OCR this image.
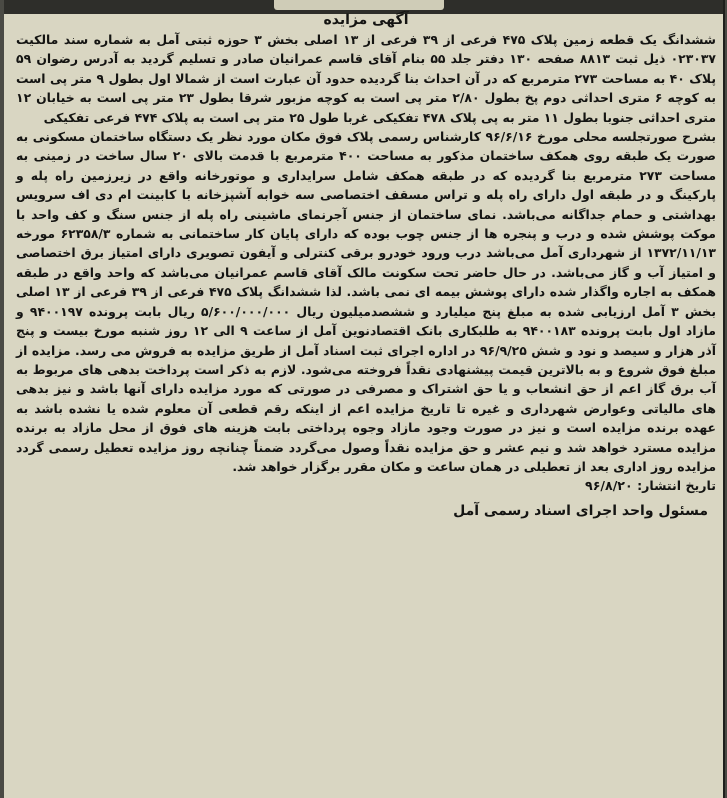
آگهی مزایده

ششدانگ یک قطعه زمین پلاک ۴۷۵ فرعی از ۳۹ فرعی از ۱۳ اصلی بخش ۳ حوزه ثبتی آمل به شماره سند مالکیت ۰۲۳۰۳۷ ذیل ثبت ۸۸۱۳ صفحه ۱۳۰ دفتر جلد ۵۵ بنام آقای قاسم عمرانیان صادر و تسلیم گردید به آدرس رضوان ۵۹ پلاک ۴۰ به مساحت ۲۷۳ مترمربع که در آن احداث بنا گردیده حدود آن عبارت است از شمالا اول بطول ۹ متر پی است به کوچه ۶ متری احداثی دوم پخ بطول ۲/۸۰ متر پی است به کوچه مزبور شرقا بطول ۲۳ متر پی است به خیابان ۱۲ متری احداثی جنوبا بطول ۱۱ متر به پی پلاک ۴۷۸ تفکیکی غربا طول ۲۵ متر پی است به پلاک ۴۷۴ فرعی تفکیکی

بشرح صورتجلسه محلی مورخ ۹۶/۶/۱۶ کارشناس رسمی پلاک فوق مکان مورد نظر یک دستگاه ساختمان مسکونی به صورت یک طبقه روی همکف ساختمان مذکور به مساحت ۴۰۰ مترمربع با قدمت بالای ۲۰ سال ساخت در زمینی به مساحت ۲۷۳ مترمربع بنا گردیده که در طبقه همکف شامل سرایداری و موتورخانه واقع در زیرزمین راه پله و پارکینگ و در طبقه اول دارای راه پله و تراس مسقف اختصاصی سه خوابه آشپزخانه با کابینت ام دی اف سرویس بهداشتی و حمام جداگانه می‌باشد. نمای ساختمان از جنس آجرنمای ماشینی راه پله از جنس سنگ و کف واحد با موکت پوشش شده و درب و پنجره ها از جنس چوب بوده که دارای پایان کار ساختمانی به شماره ۶۲۳۵۸/۳ مورخه ۱۳۷۲/۱۱/۱۳ از شهرداری آمل می‌باشد درب ورود خودرو برقی کنترلی و آیفون تصویری دارای امتیاز برق اختصاصی و امتیاز آب و گاز می‌باشد. در حال حاضر تحت سکونت مالک آقای قاسم عمرانیان می‌باشد که واحد واقع در طبقه همکف به اجاره واگذار شده دارای پوشش بیمه ای نمی باشد. لذا ششدانگ پلاک ۴۷۵ فرعی از ۳۹ فرعی از ۱۳ اصلی بخش ۳ آمل ارزیابی شده به مبلغ پنج میلیارد و ششصدمیلیون ریال ۵/۶۰۰/۰۰۰/۰۰۰ ریال بابت پرونده ۹۴۰۰۱۹۷ و مازاد اول بابت پرونده ۹۴۰۰۱۸۳ به طلبکاری بانک اقتصادنوین آمل از ساعت ۹ الی ۱۲ روز شنبه مورخ بیست و پنج آذر هزار و سیصد و نود و شش ۹۶/۹/۲۵ در اداره اجرای ثبت اسناد آمل از طریق مزایده به فروش می رسد. مزایده از مبلغ فوق شروع و به بالاترین قیمت پیشنهادی نقداً فروخته می‌شود. لازم به ذکر است پرداخت بدهی های مربوط به آب برق گاز اعم از حق انشعاب و یا حق اشتراک و مصرفی در صورتی که مورد مزایده دارای آنها باشد و نیز بدهی های مالیاتی وعوارض شهرداری و غیره تا تاریخ مزایده اعم از اینکه رقم قطعی آن معلوم شده یا نشده باشد به عهده برنده مزایده است و نیز در صورت وجود مازاد وجوه پرداختی بابت هزینه های فوق از محل مازاد به برنده مزایده مسترد خواهد شد و نیم عشر و حق مزایده نقداً وصول می‌گردد ضمناً چنانچه روز مزایده تعطیل رسمی گردد مزایده روز اداری بعد از تعطیلی در همان ساعت و مکان مقرر برگزار خواهد شد.

تاریخ انتشار: ۹۶/۸/۲۰

مسئول واحد اجرای اسناد رسمی آمل
